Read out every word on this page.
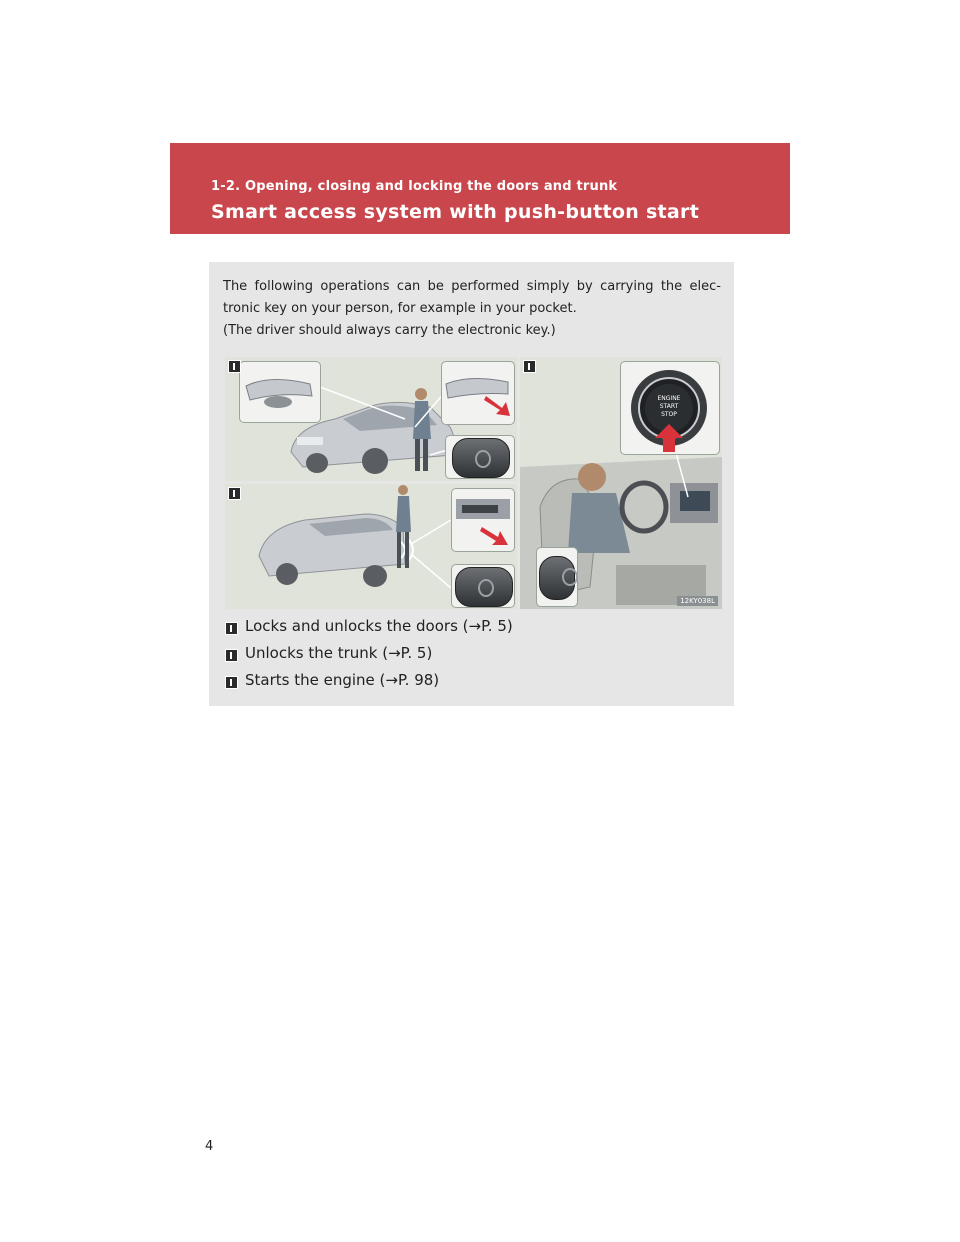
1-2. Opening, closing and locking the doors and trunk
Smart access system with push-button start

The following operations can be performed simply by carrying the elec-

tronic key on your person, for example in your pocket.

(The driver should always carry the electronic key.)

ENGINE
START
STOP
12KY038L
Locks and unlocks the doors (→P. 5)
Unlocks the trunk (→P. 5)
Starts the engine (→P. 98)
4
